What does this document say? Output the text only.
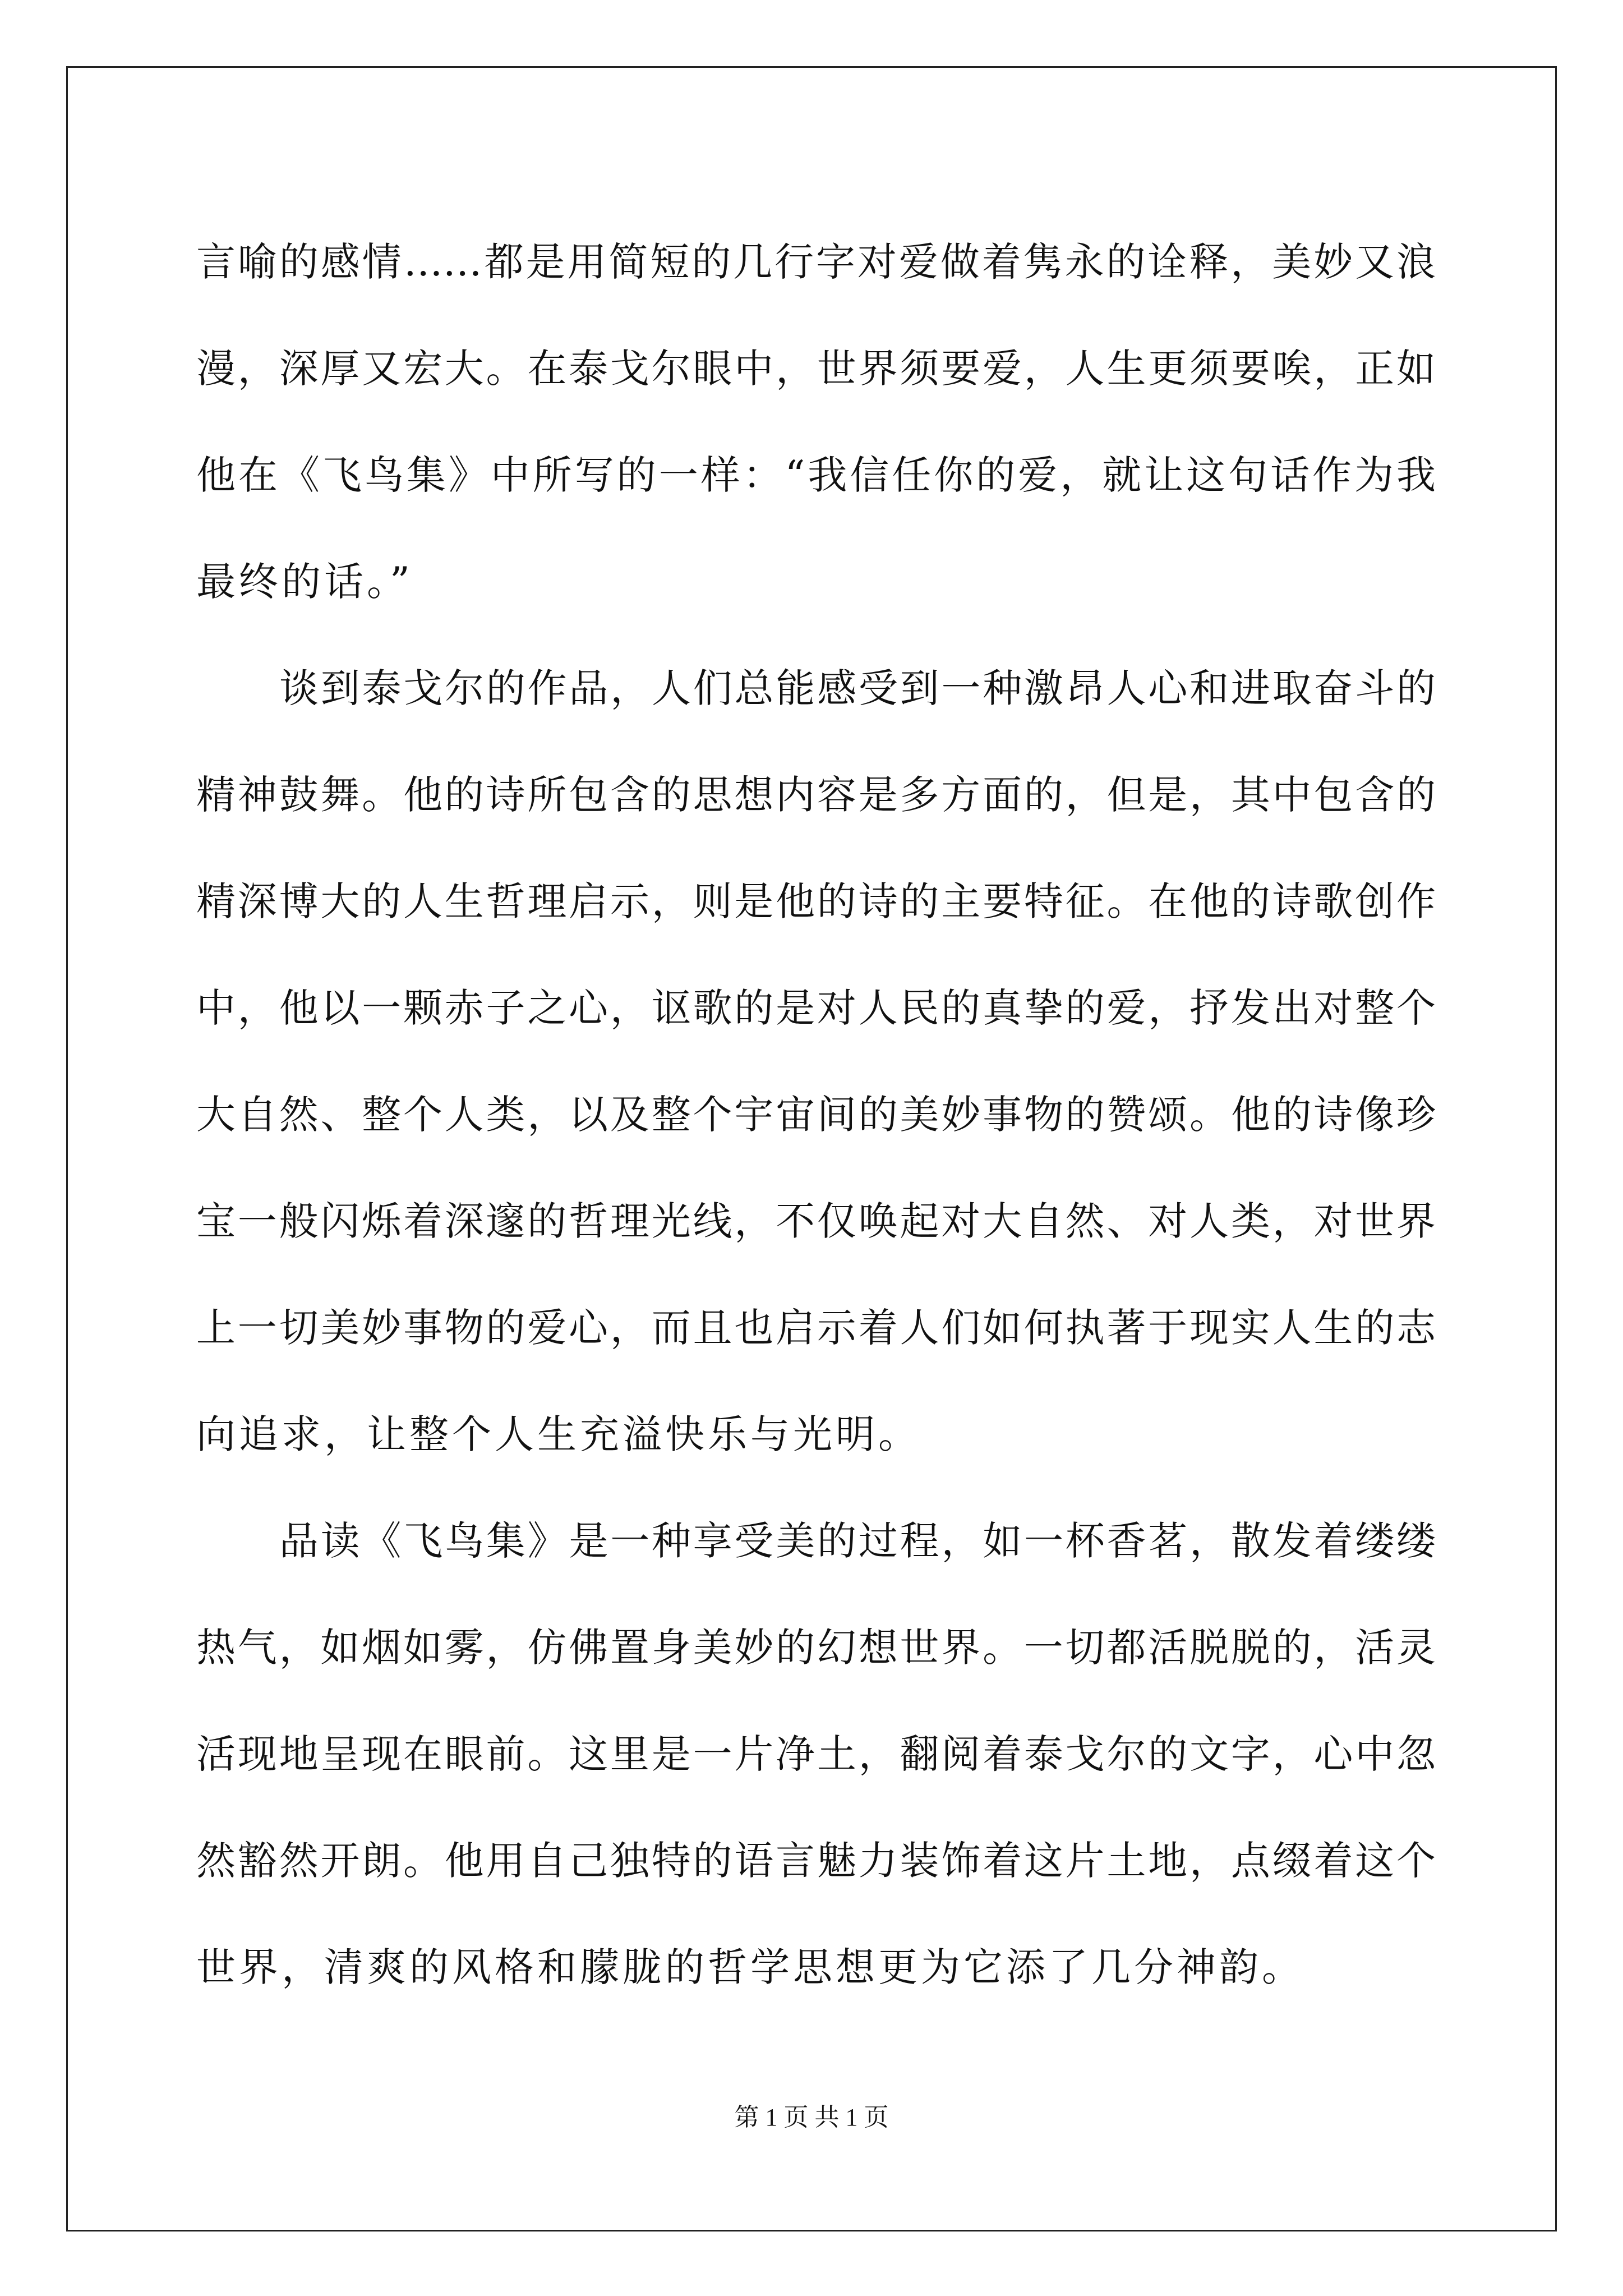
言喻的感情……都是用简短的几行字对爱做着隽永的诠释，美妙又浪
漫，深厚又宏大。在泰戈尔眼中，世界须要爱，人生更须要唉，正如
他在《飞鸟集》中所写的一样：“我信任你的爱，就让这句话作为我
最终的话。”
谈到泰戈尔的作品，人们总能感受到一种激昂人心和进取奋斗的
精神鼓舞。他的诗所包含的思想内容是多方面的，但是，其中包含的
精深博大的人生哲理启示，则是他的诗的主要特征。在他的诗歌创作
中，他以一颗赤子之心，讴歌的是对人民的真挚的爱，抒发出对整个
大自然、整个人类，以及整个宇宙间的美妙事物的赞颂。他的诗像珍
宝一般闪烁着深邃的哲理光线，不仅唤起对大自然、对人类，对世界
上一切美妙事物的爱心，而且也启示着人们如何执著于现实人生的志
向追求，让整个人生充溢快乐与光明。
品读《飞鸟集》是一种享受美的过程，如一杯香茗，散发着缕缕
热气，如烟如雾，仿佛置身美妙的幻想世界。一切都活脱脱的，活灵
活现地呈现在眼前。这里是一片净土，翻阅着泰戈尔的文字，心中忽
然豁然开朗。他用自己独特的语言魅力装饰着这片土地，点缀着这个
世界，清爽的风格和朦胧的哲学思想更为它添了几分神韵。
第 1 页 共 1 页
